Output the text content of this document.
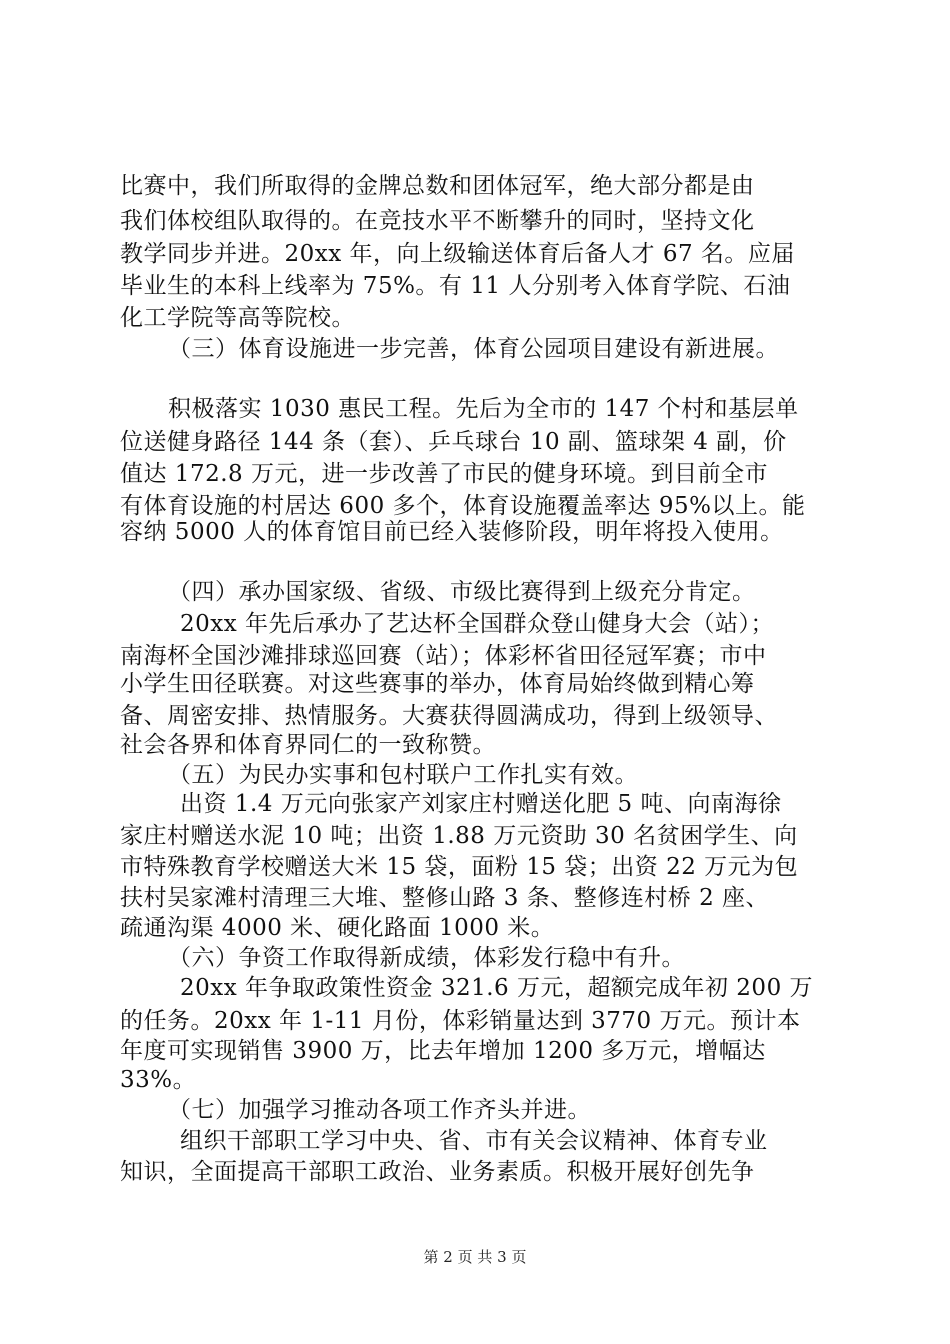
比赛中，我们所取得的金牌总数和团体冠军，绝大部分都是由
我们体校组队取得的。在竞技水平不断攀升的同时，坚持文化
教学同步并进。20xx 年，向上级输送体育后备人才 67 名。应届
毕业生的本科上线率为 75%。有 11 人分别考入体育学院、石油
化工学院等高等院校。
（三）体育设施进一步完善，体育公园项目建设有新进展。
积极落实 1030 惠民工程。先后为全市的 147 个村和基层单
位送健身路径 144 条（套）、乒乓球台 10 副、篮球架 4 副，价
值达 172.8 万元，进一步改善了市民的健身环境。到目前全市
有体育设施的村居达 600 多个，体育设施覆盖率达 95%以上。能
容纳 5000 人的体育馆目前已经入装修阶段，明年将投入使用。
（四）承办国家级、省级、市级比赛得到上级充分肯定。
20xx 年先后承办了艺达杯全国群众登山健身大会（站）；
南海杯全国沙滩排球巡回赛（站）；体彩杯省田径冠军赛；市中
小学生田径联赛。对这些赛事的举办，体育局始终做到精心筹
备、周密安排、热情服务。大赛获得圆满成功，得到上级领导、
社会各界和体育界同仁的一致称赞。
（五）为民办实事和包村联户工作扎实有效。
出资 1.4 万元向张家产刘家庄村赠送化肥 5 吨、向南海徐
家庄村赠送水泥 10 吨；出资 1.88 万元资助 30 名贫困学生、向
市特殊教育学校赠送大米 15 袋，面粉 15 袋；出资 22 万元为包
扶村吴家滩村清理三大堆、整修山路 3 条、整修连村桥 2 座、
疏通沟渠 4000 米、硬化路面 1000 米。
（六）争资工作取得新成绩，体彩发行稳中有升。
20xx 年争取政策性资金 321.6 万元，超额完成年初 200 万
的任务。20xx 年 1-11 月份，体彩销量达到 3770 万元。预计本
年度可实现销售 3900 万，比去年增加 1200 多万元，增幅达
33%。
（七）加强学习推动各项工作齐头并进。
组织干部职工学习中央、省、市有关会议精神、体育专业
知识，全面提高干部职工政治、业务素质。积极开展好创先争
第 2 页 共 3 页
